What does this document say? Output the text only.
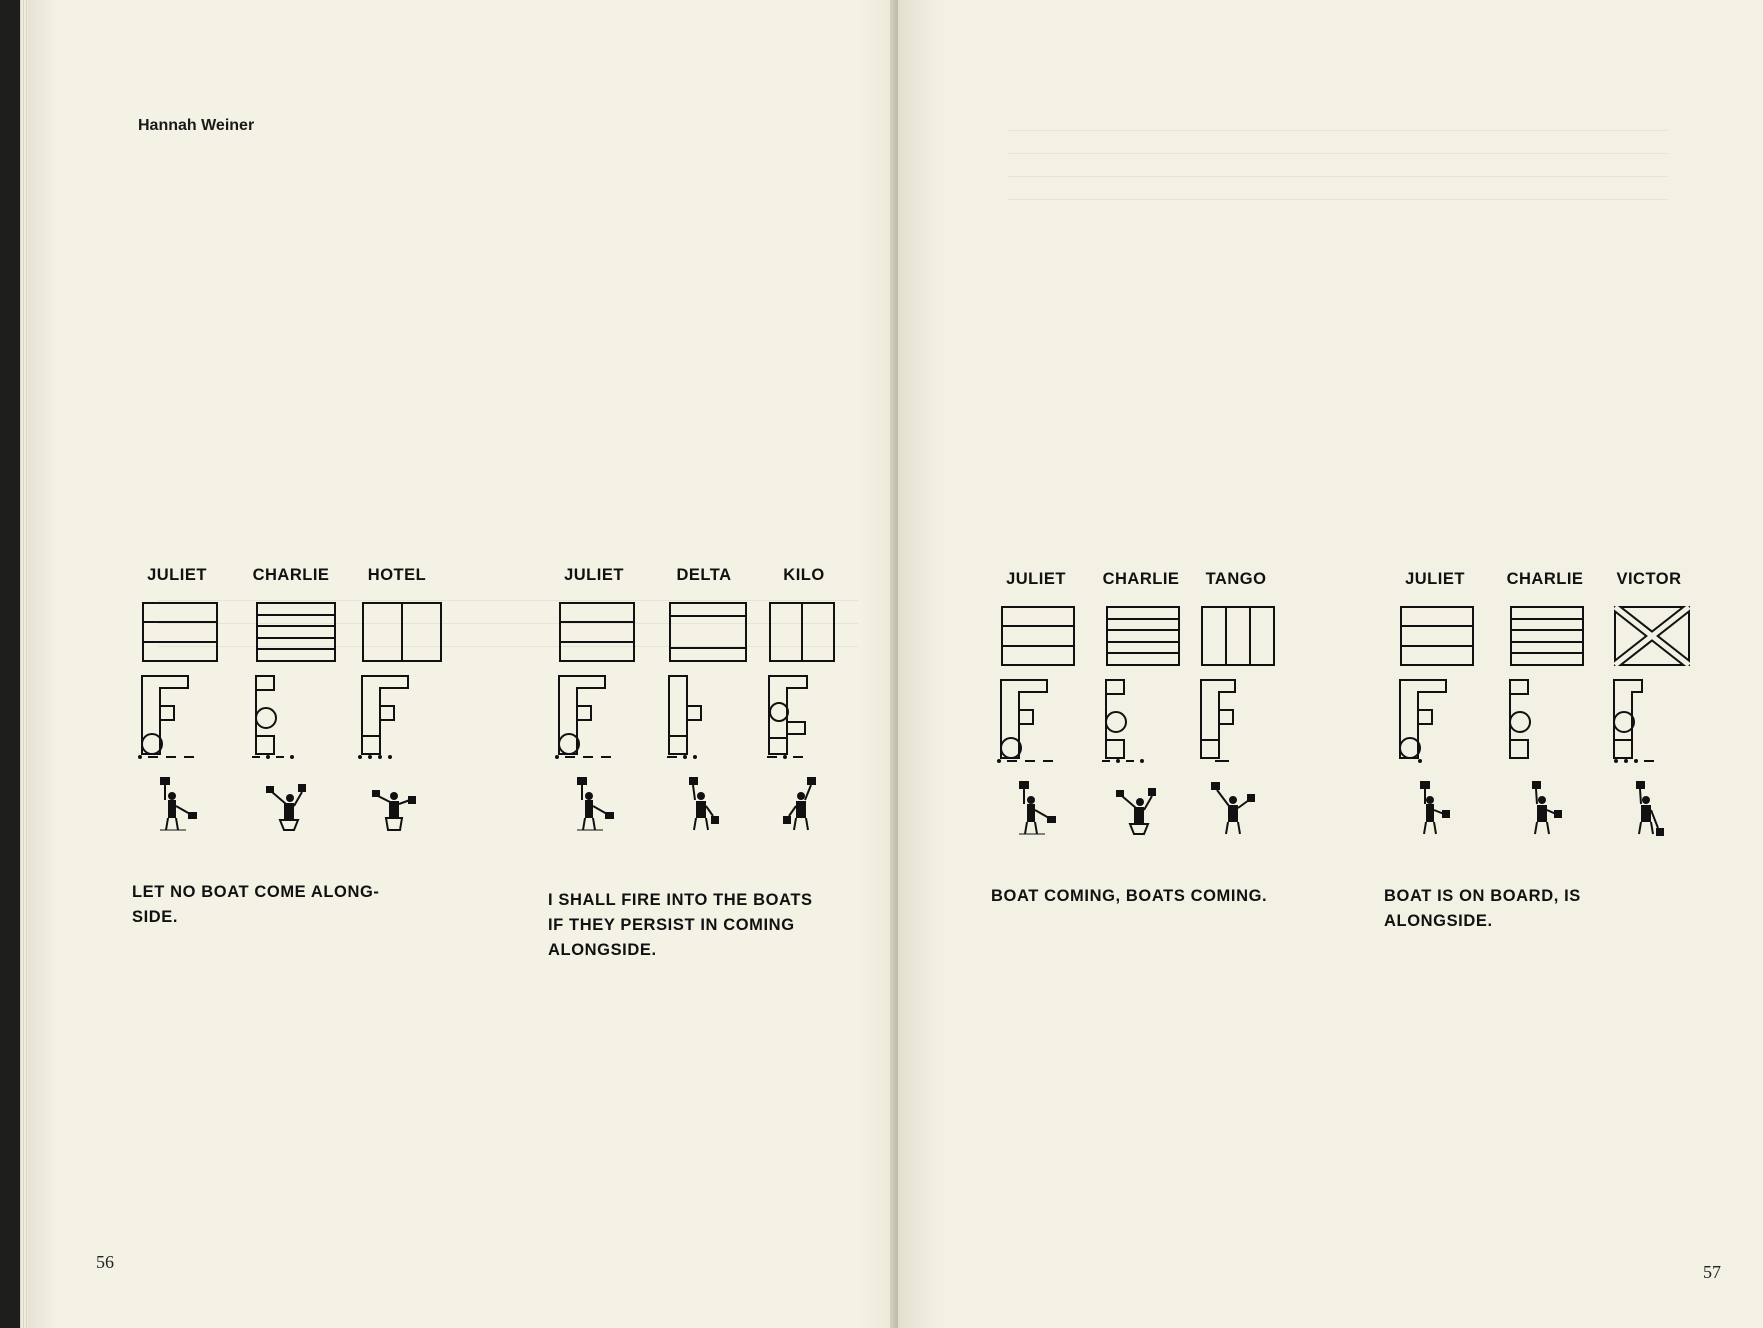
Hannah Weiner
JULIET	CHARLIE	HOTEL
LET NO BOAT COME ALONG-
SIDE.
JULIET	DELTA	KILO
I SHALL FIRE INTO THE BOATS
IF THEY PERSIST IN COMING
ALONGSIDE.
56
JULIET	CHARLIE	TANGO
BOAT COMING, BOATS COMING.
JULIET	CHARLIE	VICTOR
BOAT IS ON BOARD, IS
ALONGSIDE.
57
